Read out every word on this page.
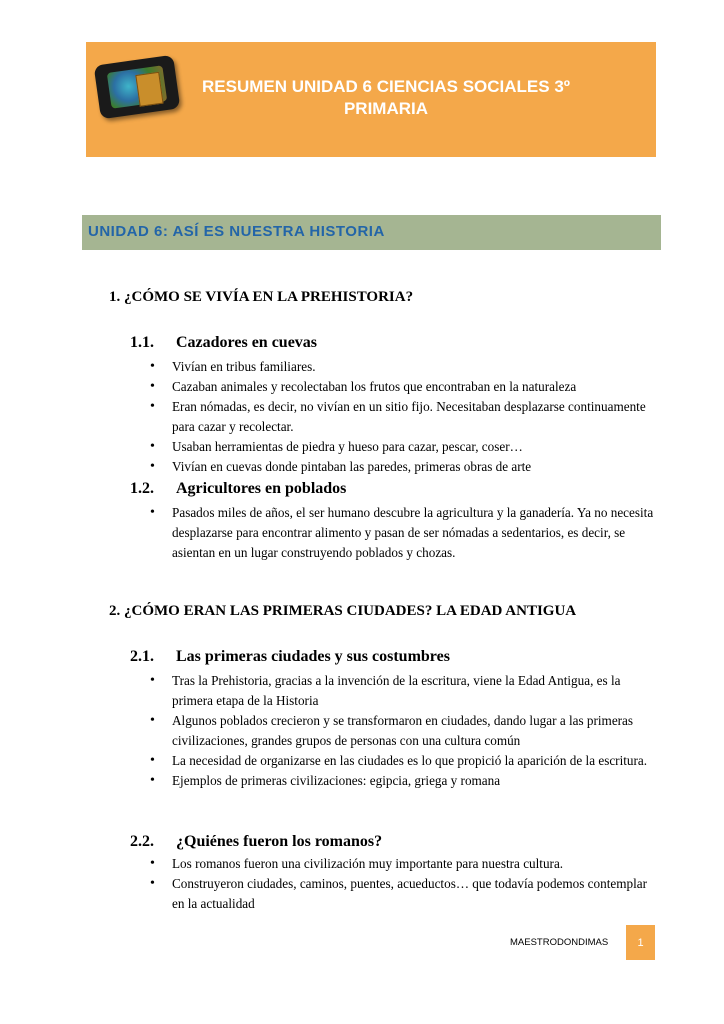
RESUMEN UNIDAD 6 CIENCIAS SOCIALES 3º
PRIMARIA
UNIDAD 6: ASÍ ES NUESTRA HISTORIA
1. ¿CÓMO SE VIVÍA EN LA PREHISTORIA?
1.1. Cazadores en cuevas
• Vivían en tribus familiares.
• Cazaban animales y recolectaban los frutos que encontraban en la naturaleza
• Eran nómadas, es decir, no vivían en un sitio fijo. Necesitaban desplazarse continuamente para cazar y recolectar.
• Usaban herramientas de piedra y hueso para cazar, pescar, coser…
• Vivían en cuevas donde pintaban las paredes, primeras obras de arte
1.2. Agricultores en poblados
• Pasados miles de años, el ser humano descubre la agricultura y la ganadería. Ya no necesita desplazarse para encontrar alimento y pasan de ser nómadas a sedentarios, es decir, se asientan en un lugar construyendo poblados y chozas.
2. ¿CÓMO ERAN LAS PRIMERAS CIUDADES? LA EDAD ANTIGUA
2.1. Las primeras ciudades y sus costumbres
• Tras la Prehistoria, gracias a la invención de la escritura, viene la Edad Antigua, es la primera etapa de la Historia
• Algunos poblados crecieron y se transformaron en ciudades, dando lugar a las primeras civilizaciones, grandes grupos de personas con una cultura común
• La necesidad de organizarse en las ciudades es lo que propició la aparición de la escritura.
• Ejemplos de primeras civilizaciones: egipcia, griega y romana
2.2. ¿Quiénes fueron los romanos?
• Los romanos fueron una civilización muy importante para nuestra cultura.
• Construyeron ciudades, caminos, puentes, acueductos… que todavía podemos contemplar en la actualidad

MAESTRODONDIMAS	1
